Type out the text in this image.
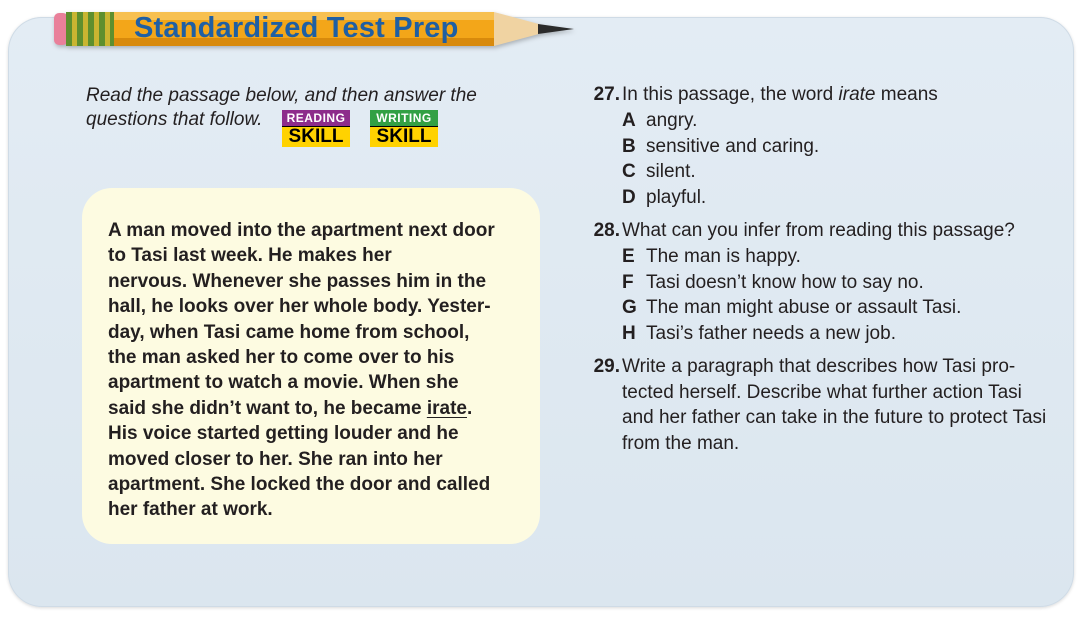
Standardized Test Prep
Read the passage below, and then answer the questions that follow.	READING
SKILL
WRITING
SKILL
A man moved into the apartment next door
to Tasi last week. He makes her
nervous. Whenever she passes him in the
hall, he looks over her whole body. Yester-
day, when Tasi came home from school,
the man asked her to come over to his
apartment to watch a movie. When she
said she didn’t want to, he became irate.
His voice started getting louder and he
moved closer to her. She ran into her
apartment. She locked the door and called
her father at work.
27. In this passage, the word irate means
A angry.
B sensitive and caring.
C silent.
D playful.
28. What can you infer from reading this passage?
E The man is happy.
F Tasi doesn’t know how to say no.
G The man might abuse or assault Tasi.
H Tasi’s father needs a new job.
29. Write a paragraph that describes how Tasi pro-
tected herself. Describe what further action Tasi
and her father can take in the future to protect Tasi
from the man.
